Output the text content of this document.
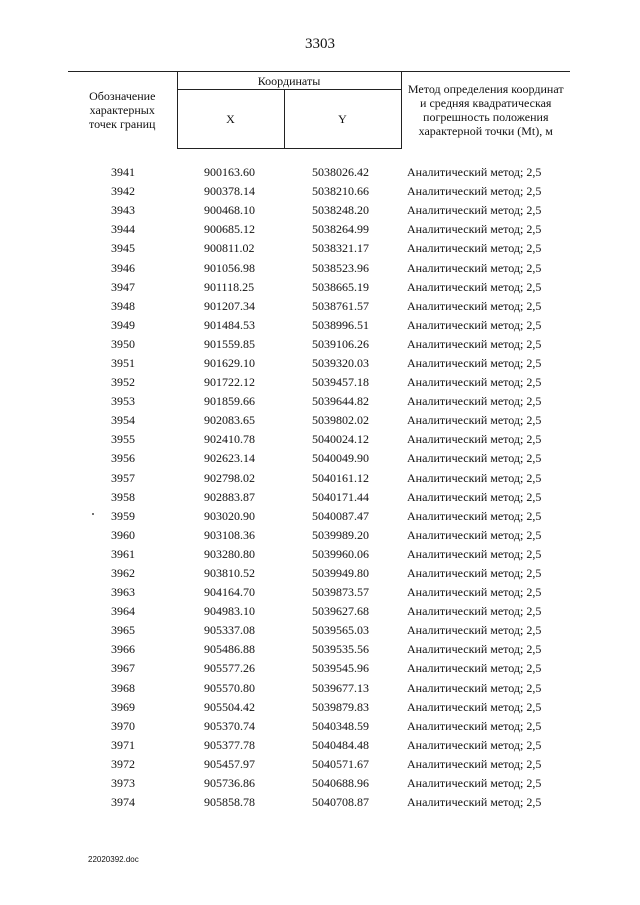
3303
Обозначение характерных точек границ	Координаты		Метод определения координат и средняя квадратическая погрешность положения характерной точки (Mt), м
	X	Y	
3941	900163.60	5038026.42	Аналитический метод; 2,5
3942	900378.14	5038210.66	Аналитический метод; 2,5
3943	900468.10	5038248.20	Аналитический метод; 2,5
3944	900685.12	5038264.99	Аналитический метод; 2,5
3945	900811.02	5038321.17	Аналитический метод; 2,5
3946	901056.98	5038523.96	Аналитический метод; 2,5
3947	901118.25	5038665.19	Аналитический метод; 2,5
3948	901207.34	5038761.57	Аналитический метод; 2,5
3949	901484.53	5038996.51	Аналитический метод; 2,5
3950	901559.85	5039106.26	Аналитический метод; 2,5
3951	901629.10	5039320.03	Аналитический метод; 2,5
3952	901722.12	5039457.18	Аналитический метод; 2,5
3953	901859.66	5039644.82	Аналитический метод; 2,5
3954	902083.65	5039802.02	Аналитический метод; 2,5
3955	902410.78	5040024.12	Аналитический метод; 2,5
3956	902623.14	5040049.90	Аналитический метод; 2,5
3957	902798.02	5040161.12	Аналитический метод; 2,5
3958	902883.87	5040171.44	Аналитический метод; 2,5
3959	903020.90	5040087.47	Аналитический метод; 2,5
3960	903108.36	5039989.20	Аналитический метод; 2,5
3961	903280.80	5039960.06	Аналитический метод; 2,5
3962	903810.52	5039949.80	Аналитический метод; 2,5
3963	904164.70	5039873.57	Аналитический метод; 2,5
3964	904983.10	5039627.68	Аналитический метод; 2,5
3965	905337.08	5039565.03	Аналитический метод; 2,5
3966	905486.88	5039535.56	Аналитический метод; 2,5
3967	905577.26	5039545.96	Аналитический метод; 2,5
3968	905570.80	5039677.13	Аналитический метод; 2,5
3969	905504.42	5039879.83	Аналитический метод; 2,5
3970	905370.74	5040348.59	Аналитический метод; 2,5
3971	905377.78	5040484.48	Аналитический метод; 2,5
3972	905457.97	5040571.67	Аналитический метод; 2,5
3973	905736.86	5040688.96	Аналитический метод; 2,5
3974	905858.78	5040708.87	Аналитический метод; 2,5
22020392.doc
